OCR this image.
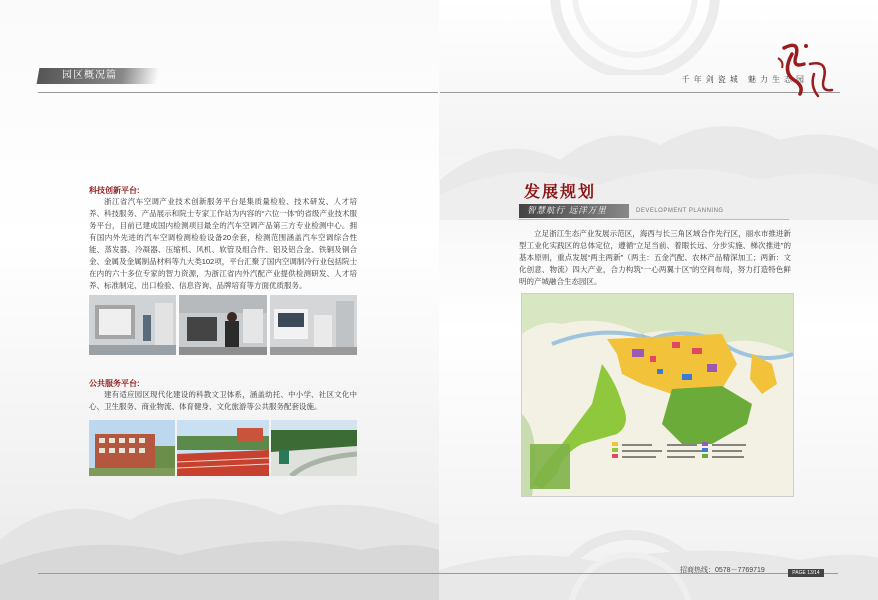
园区概况篇	千年剑瓷城 魅力生态园
科技创新平台:

浙江省汽车空调产业技术创新服务平台是集质量检验、技术研发、人才培养、科技服务、产品展示和院士专家工作站为内容的“六位一体”的省级产业技术服务平台，目前已建成国内检测项目最全的汽车空调产品第三方专业检测中心。拥有国内外先进的汽车空调检测检验设备20余套，检测范围涵盖汽车空调综合性能、蒸发器、冷凝器、压缩机、风机、软管及组合件、铝及铝合金、铁铜及铜合金、金属及金属制品材料等九大类102项，平台汇聚了国内空调制冷行业包括院士在内的六十多位专家的智力资源，为浙江省内外汽配产业提供检测研发、人才培养、标准制定、出口检验、信息咨询、品牌培育等方面优质服务。

公共服务平台:

建有适应园区现代化建设的科教文卫体系，涵盖幼托、中小学、社区文化中心、卫生服务、商业物流、体育健身、文化旅游等公共服务配套设施。

发展规划
智慧航行 远洋万里	DEVELOPMENT PLANNING

立足浙江生态产业发展示范区，海西与长三角区域合作先行区，丽水市推进新型工业化实践区的总体定位，遵循“立足当前、着眼长远、分步实施、梯次推进”的基本原则，重点发展“两主两新”（两主：五金汽配、农林产品精深加工；两新：文化创意、物流）四大产业，合力构筑“一心两翼十区”的空间布局，努力打造特色鲜明的产城融合生态园区。

招商热线：0578－7769719	PAGE 13/14
